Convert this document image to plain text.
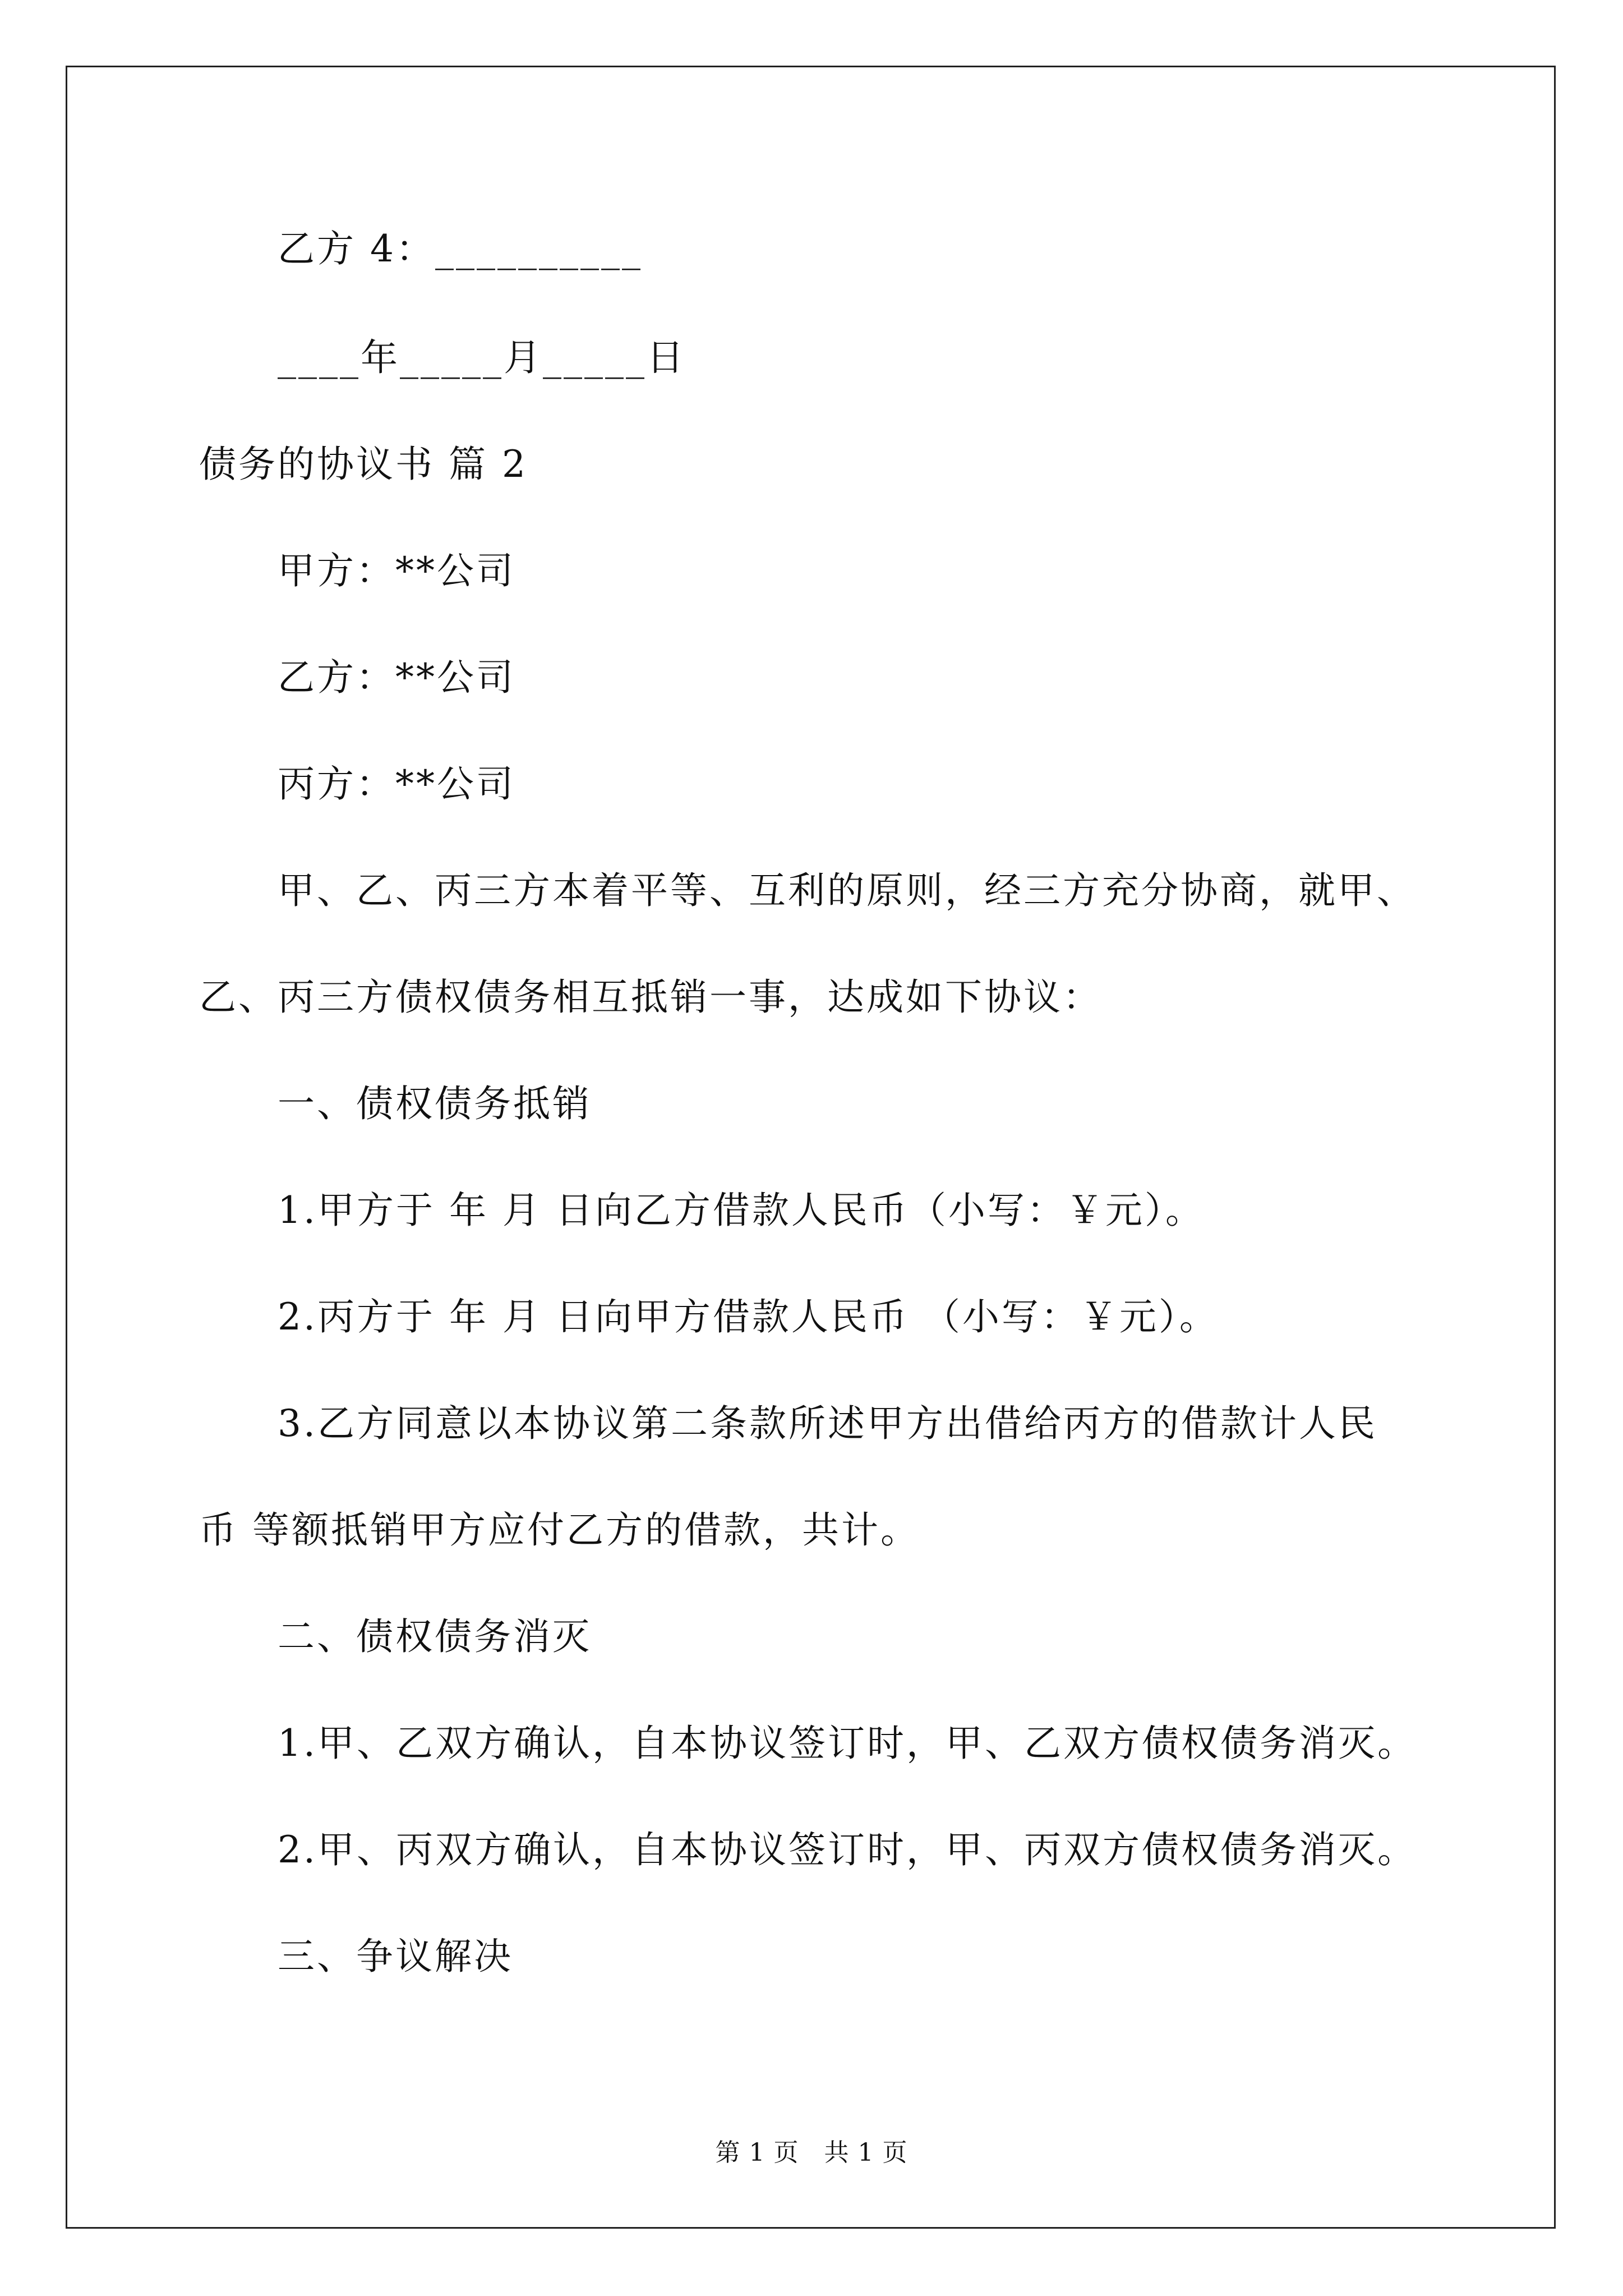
乙方 4：__________
____年_____月_____日
债务的协议书 篇 2
甲方：**公司
乙方：**公司
丙方：**公司
甲、乙、丙三方本着平等、互利的原则，经三方充分协商，就甲、
乙、丙三方债权债务相互抵销一事，达成如下协议：
一、债权债务抵销
1.甲方于 年 月 日向乙方借款人民币（小写：￥元）。
2.丙方于 年 月 日向甲方借款人民币 （小写：￥元）。
3.乙方同意以本协议第二条款所述甲方出借给丙方的借款计人民
币 等额抵销甲方应付乙方的借款，共计。
二、债权债务消灭
1.甲、乙双方确认，自本协议签订时，甲、乙双方债权债务消灭。
2.甲、丙双方确认，自本协议签订时，甲、丙双方债权债务消灭。
三、争议解决
第 1 页　共 1 页
